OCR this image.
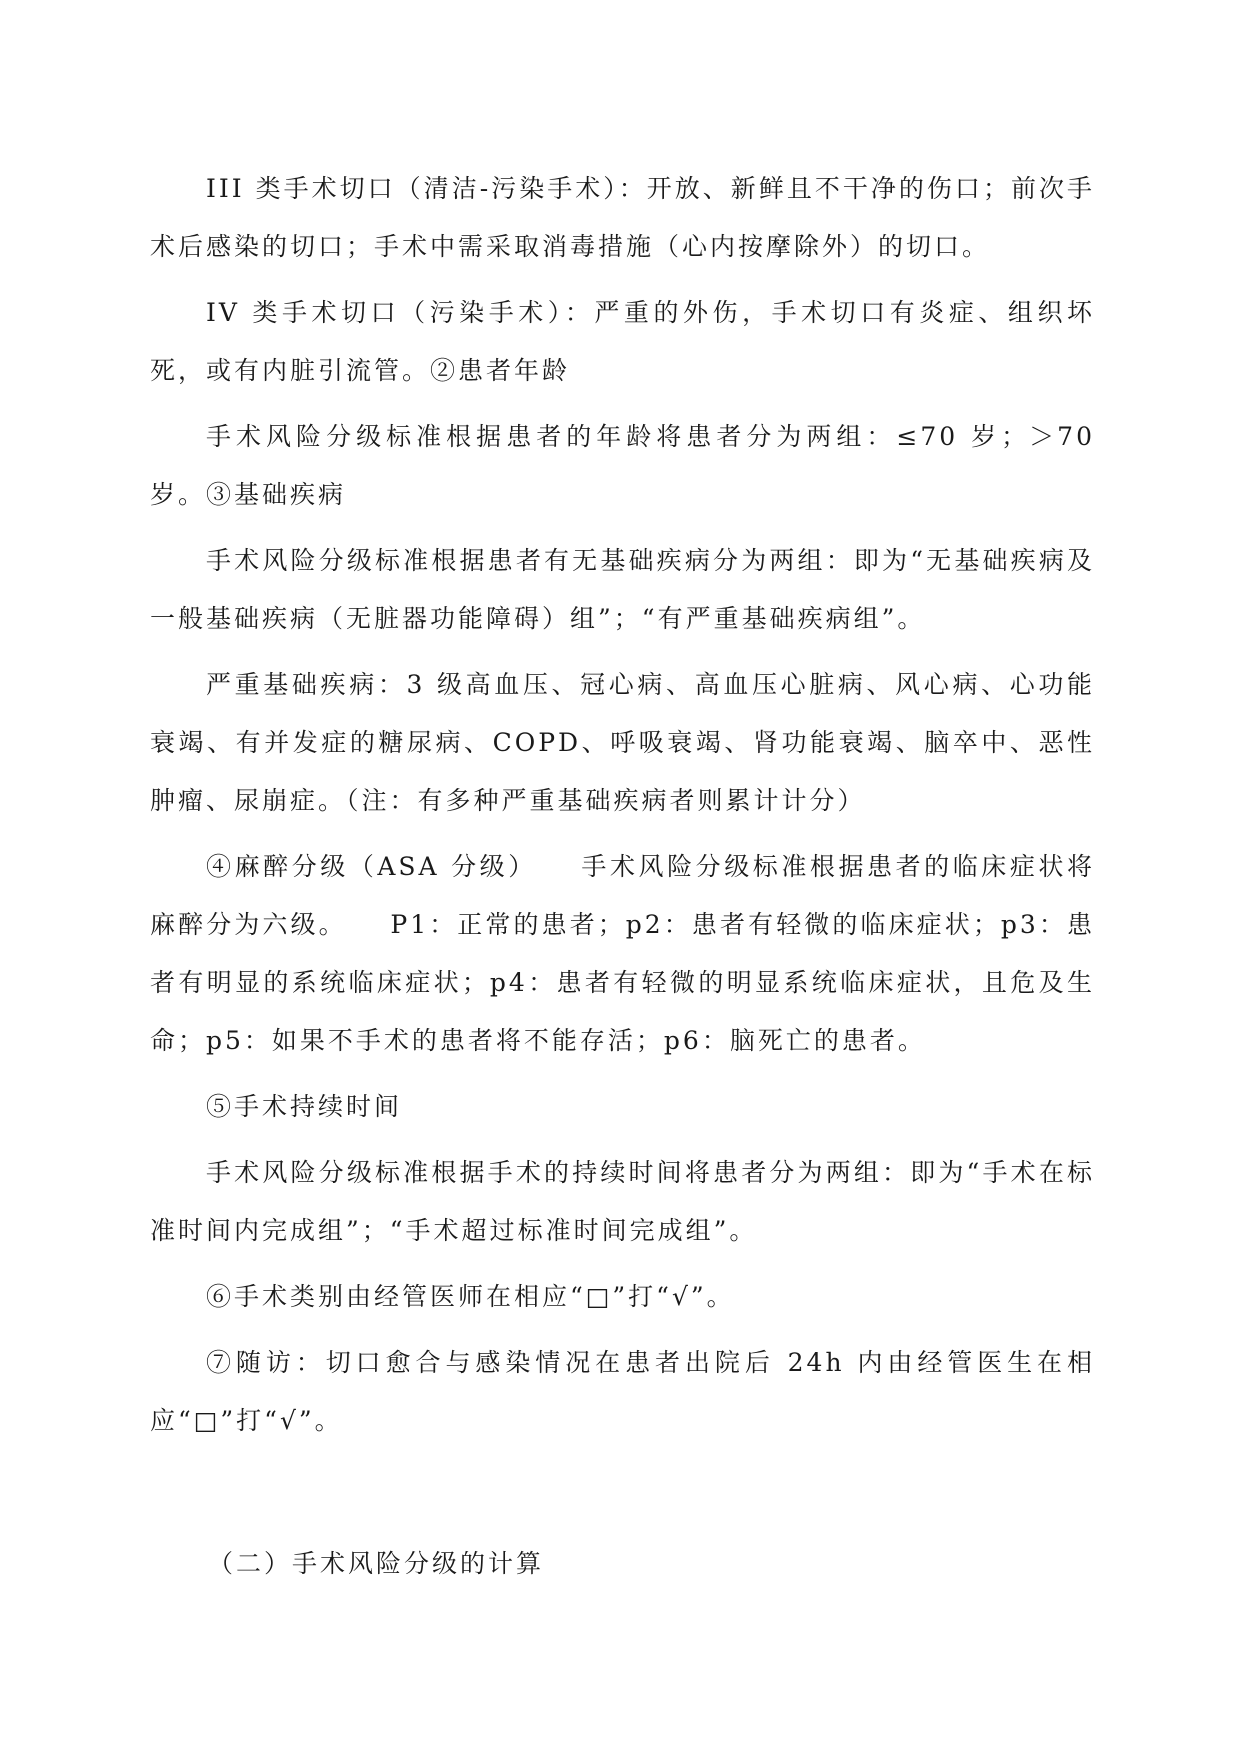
III 类手术切口（清洁-污染手术）：开放、新鲜且不干净的伤口；前次手术后感染的切口；手术中需采取消毒措施（心内按摩除外）的切口。

IV 类手术切口（污染手术）：严重的外伤，手术切口有炎症、组织坏死，或有内脏引流管。②患者年龄

手术风险分级标准根据患者的年龄将患者分为两组：≤70 岁；＞70 岁。③基础疾病

手术风险分级标准根据患者有无基础疾病分为两组：即为“无基础疾病及一般基础疾病（无脏器功能障碍）组”；“有严重基础疾病组”。

严重基础疾病：3 级高血压、冠心病、高血压心脏病、风心病、心功能衰竭、有并发症的糖尿病、COPD、呼吸衰竭、肾功能衰竭、脑卒中、恶性肿瘤、尿崩症。（注：有多种严重基础疾病者则累计计分）

④麻醉分级（ASA 分级）　　手术风险分级标准根据患者的临床症状将麻醉分为六级。　　P1：正常的患者；p2：患者有轻微的临床症状；p3：患者有明显的系统临床症状；p4：患者有轻微的明显系统临床症状，且危及生命；p5：如果不手术的患者将不能存活；p6：脑死亡的患者。

⑤手术持续时间

手术风险分级标准根据手术的持续时间将患者分为两组：即为“手术在标准时间内完成组”；“手术超过标准时间完成组”。

⑥手术类别由经管医师在相应“□”打“√”。

⑦随访：切口愈合与感染情况在患者出院后 24h 内由经管医生在相应“□”打“√”。

（二）手术风险分级的计算
